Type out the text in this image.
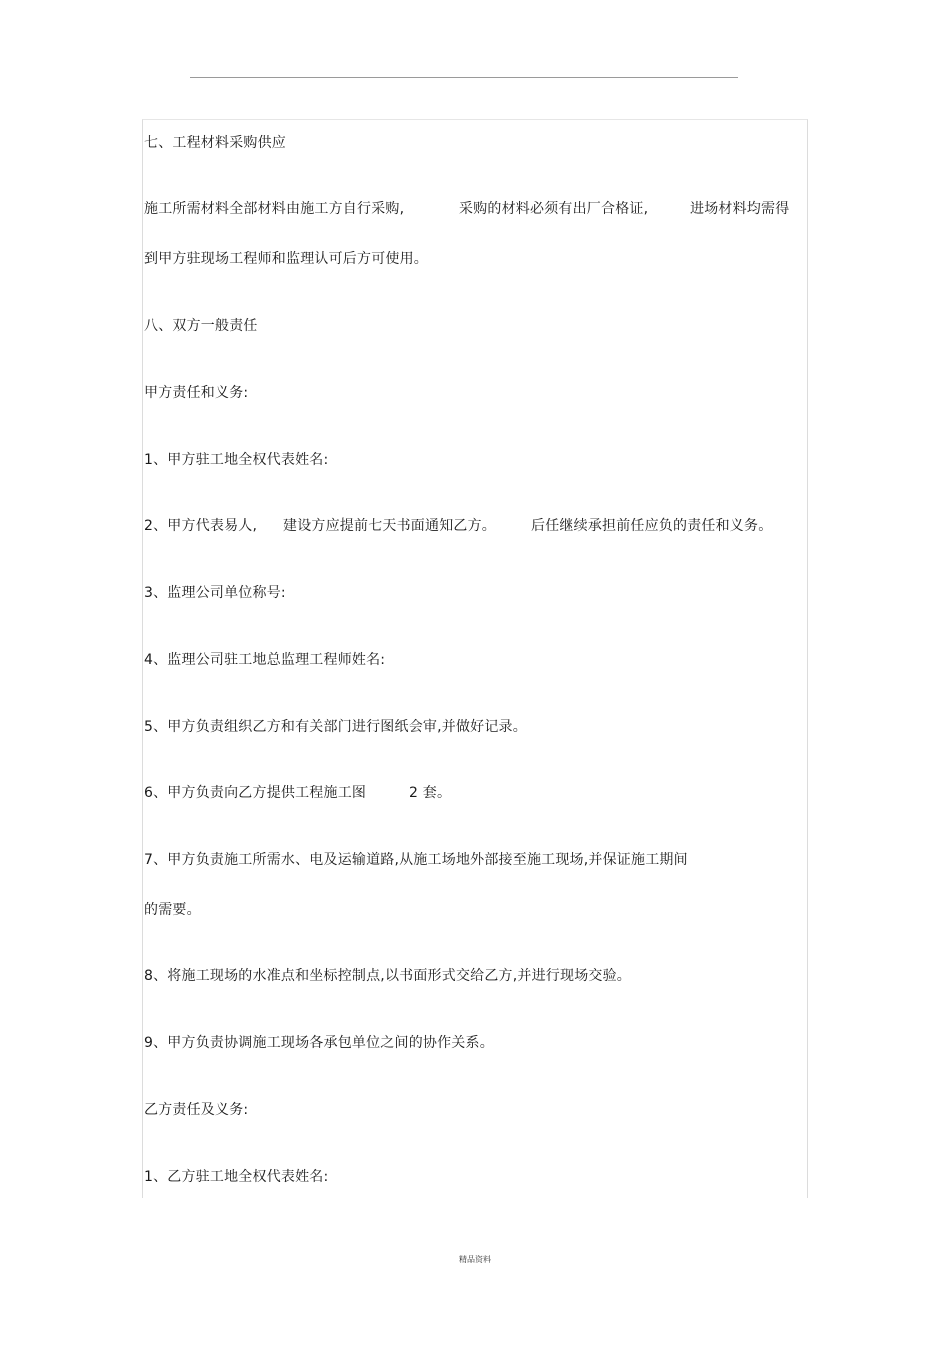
七、工程材料采购供应

施工所需材料全部材料由施工方自行采购,

	采购的材料必须有出厂合格证,

	进场材料均需得

到甲方驻现场工程师和监理认可后方可使用。
八、双方一般责任
甲方责任和义务:
1、甲方驻工地全权代表姓名:

2、甲方代表易人,

建设方应提前七天书面通知乙方。

	后任继续承担前任应负的责任和义务。

3、监理公司单位称号:
4、监理公司驻工地总监理工程师姓名:
5、甲方负责组织乙方和有关部门进行图纸会审,并做好记录。

6、甲方负责向乙方提供工程施工图

	2 套。

7、甲方负责施工所需水、电及运输道路,从施工场地外部接至施工现场,并保证施工期间
的需要。
8、将施工现场的水准点和坐标控制点,以书面形式交给乙方,并进行现场交验。
9、甲方负责协调施工现场各承包单位之间的协作关系。
乙方责任及义务:
1、乙方驻工地全权代表姓名:
精品资料
